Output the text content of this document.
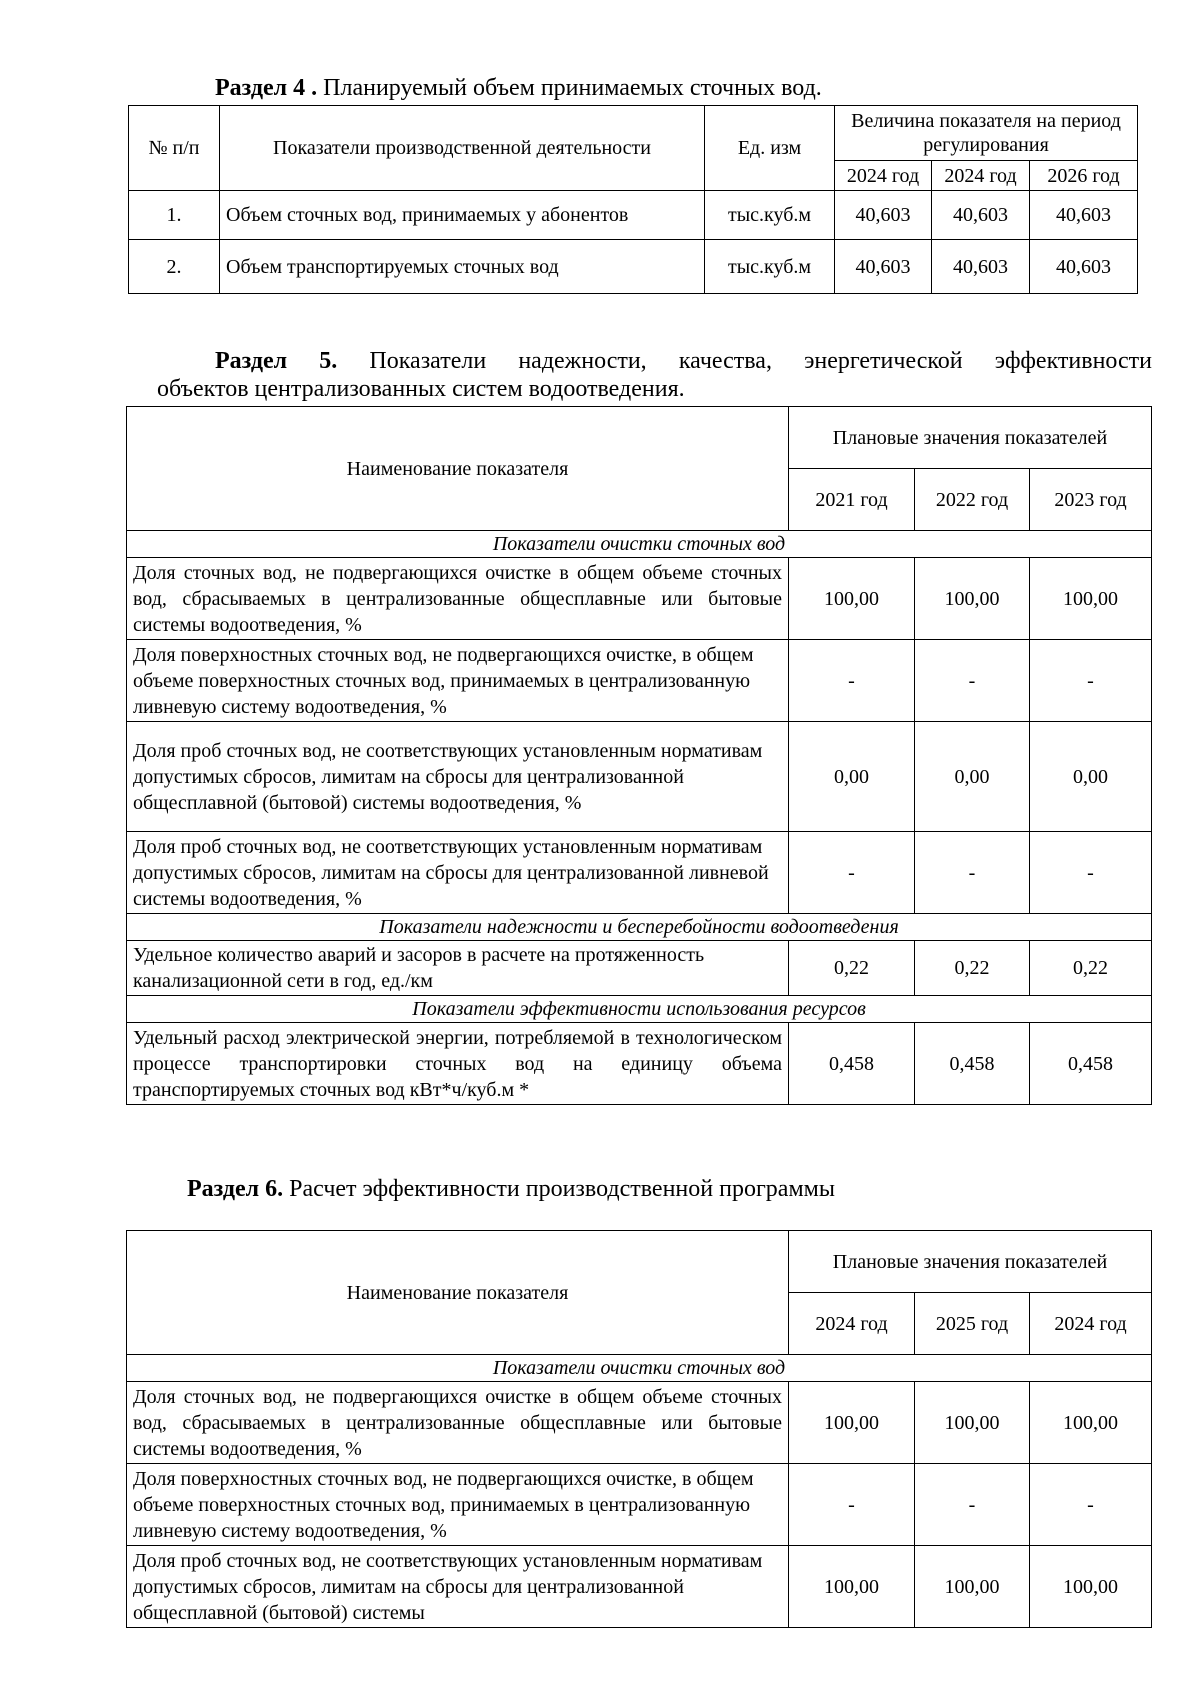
Раздел 4 . Планируемый объем принимаемых сточных вод.
№ п/п	Показатели производственной деятельности	Ед. изм	Величина показателя на период регулирования		
			2024 год	2024 год	2026 год
1.	Объем сточных вод, принимаемых у абонентов	тыс.куб.м	40,603	40,603	40,603
2.	Объем транспортируемых сточных вод	тыс.куб.м	40,603	40,603	40,603
Раздел 5. Показатели надежности, качества, энергетической эффективности
объектов централизованных систем водоотведения.
Наименование показателя	Плановые значения показателей		
	2021 год	2022 год	2023 год
Показатели очистки сточных вод			
Доля сточных вод, не подвергающихся очистке в общем объеме сточных вод, сбрасываемых в централизованные общесплавные или бытовые системы водоотведения, %	100,00	100,00	100,00
Доля поверхностных сточных вод, не подвергающихся очистке, в общем объеме поверхностных сточных вод, принимаемых в централизованную ливневую систему водоотведения, %	-	-	-
Доля проб сточных вод, не соответствующих установленным нормативам допустимых сбросов, лимитам на сбросы для централизованной общесплавной (бытовой) системы водоотведения, %	0,00	0,00	0,00
Доля проб сточных вод, не соответствующих установленным нормативам допустимых сбросов, лимитам на сбросы для централизованной ливневой системы водоотведения, %	-	-	-
Показатели надежности и бесперебойности водоотведения			
Удельное количество аварий и засоров в расчете на протяженность канализационной сети в год, ед./км	0,22	0,22	0,22
Показатели эффективности использования ресурсов			
Удельный расход электрической энергии, потребляемой в технологическом процессе транспортировки сточных вод на единицу объема транспортируемых сточных вод кВт*ч/куб.м *	0,458	0,458	0,458
Раздел 6. Расчет эффективности производственной программы
Наименование показателя	Плановые значения показателей		
	2024 год	2025 год	2024 год
Показатели очистки сточных вод			
Доля сточных вод, не подвергающихся очистке в общем объеме сточных вод, сбрасываемых в централизованные общесплавные или бытовые системы водоотведения, %	100,00	100,00	100,00
Доля поверхностных сточных вод, не подвергающихся очистке, в общем объеме поверхностных сточных вод, принимаемых в централизованную ливневую систему водоотведения, %	-	-	-
Доля проб сточных вод, не соответствующих установленным нормативам допустимых сбросов, лимитам на сбросы для централизованной общесплавной (бытовой) системы	100,00	100,00	100,00
